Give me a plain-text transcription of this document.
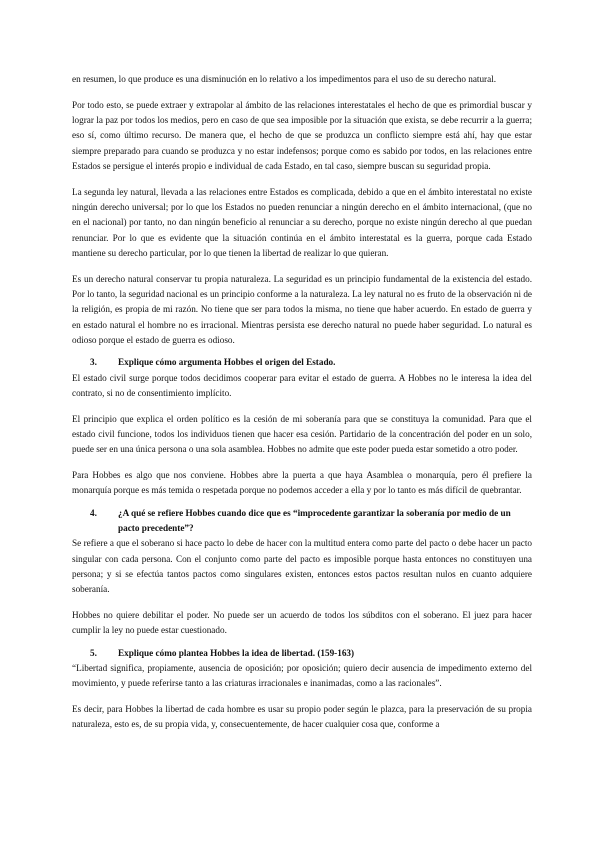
en resumen, lo que produce es una disminución en lo relativo a los impedimentos para el uso de su derecho natural.

Por todo esto, se puede extraer y extrapolar al ámbito de las relaciones interestatales el hecho de que es primordial buscar y lograr la paz por todos los medios, pero en caso de que sea imposible por la situación que exista, se debe recurrir a la guerra; eso sí, como último recurso. De manera que, el hecho de que se produzca un conflicto siempre está ahí, hay que estar siempre preparado para cuando se produzca y no estar indefensos; porque como es sabido por todos, en las relaciones entre Estados se persigue el interés propio e individual de cada Estado, en tal caso, siempre buscan su seguridad propia.

La segunda ley natural, llevada a las relaciones entre Estados es complicada, debido a que en el ámbito interestatal no existe ningún derecho universal; por lo que los Estados no pueden renunciar a ningún derecho en el ámbito internacional, (que no en el nacional) por tanto, no dan ningún beneficio al renunciar a su derecho, porque no existe ningún derecho al que puedan renunciar. Por lo que es evidente que la situación continúa en el ámbito interestatal es la guerra, porque cada Estado mantiene su derecho particular, por lo que tienen la libertad de realizar lo que quieran.

Es un derecho natural conservar tu propia naturaleza. La seguridad es un principio fundamental de la existencia del estado. Por lo tanto, la seguridad nacional es un principio conforme a la naturaleza. La ley natural no es fruto de la observación ni de la religión, es propia de mi razón. No tiene que ser para todos la misma, no tiene que haber acuerdo. En estado de guerra y en estado natural el hombre no es irracional. Mientras persista ese derecho natural no puede haber seguridad. Lo natural es odioso porque el estado de guerra es odioso.

3.	Explique cómo argumenta Hobbes el origen del Estado.

El estado civil surge porque todos decidimos cooperar para evitar el estado de guerra. A Hobbes no le interesa la idea del contrato, si no de consentimiento implícito.

El principio que explica el orden político es la cesión de mi soberanía para que se constituya la comunidad. Para que el estado civil funcione, todos los individuos tienen que hacer esa cesión. Partidario de la concentración del poder en un solo, puede ser en una única persona o una sola asamblea. Hobbes no admite que este poder pueda estar sometido a otro poder.

Para Hobbes es algo que nos conviene. Hobbes abre la puerta a que haya Asamblea o monarquía, pero él prefiere la monarquía porque es más temida o respetada porque no podemos acceder a ella y por lo tanto es más difícil de quebrantar.

4.	¿A qué se refiere Hobbes cuando dice que es “improcedente garantizar la soberanía por medio de un pacto precedente”?

Se refiere a que el soberano si hace pacto lo debe de hacer con la multitud entera como parte del pacto o debe hacer un pacto singular con cada persona. Con el conjunto como parte del pacto es imposible porque hasta entonces no constituyen una persona; y si se efectúa tantos pactos como singulares existen, entonces estos pactos resultan nulos en cuanto adquiere soberanía.

Hobbes no quiere debilitar el poder. No puede ser un acuerdo de todos los súbditos con el soberano. El juez para hacer cumplir la ley no puede estar cuestionado.

5.	Explique cómo plantea Hobbes la idea de libertad. (159-163)

“Libertad significa, propiamente, ausencia de oposición; por oposición; quiero decir ausencia de impedimento externo del movimiento, y puede referirse tanto a las criaturas irracionales e inanimadas, como a las racionales”.

Es decir, para Hobbes la libertad de cada hombre es usar su propio poder según le plazca, para la preservación de su propia naturaleza, esto es, de su propia vida, y, consecuentemente, de hacer cualquier cosa que, conforme a
